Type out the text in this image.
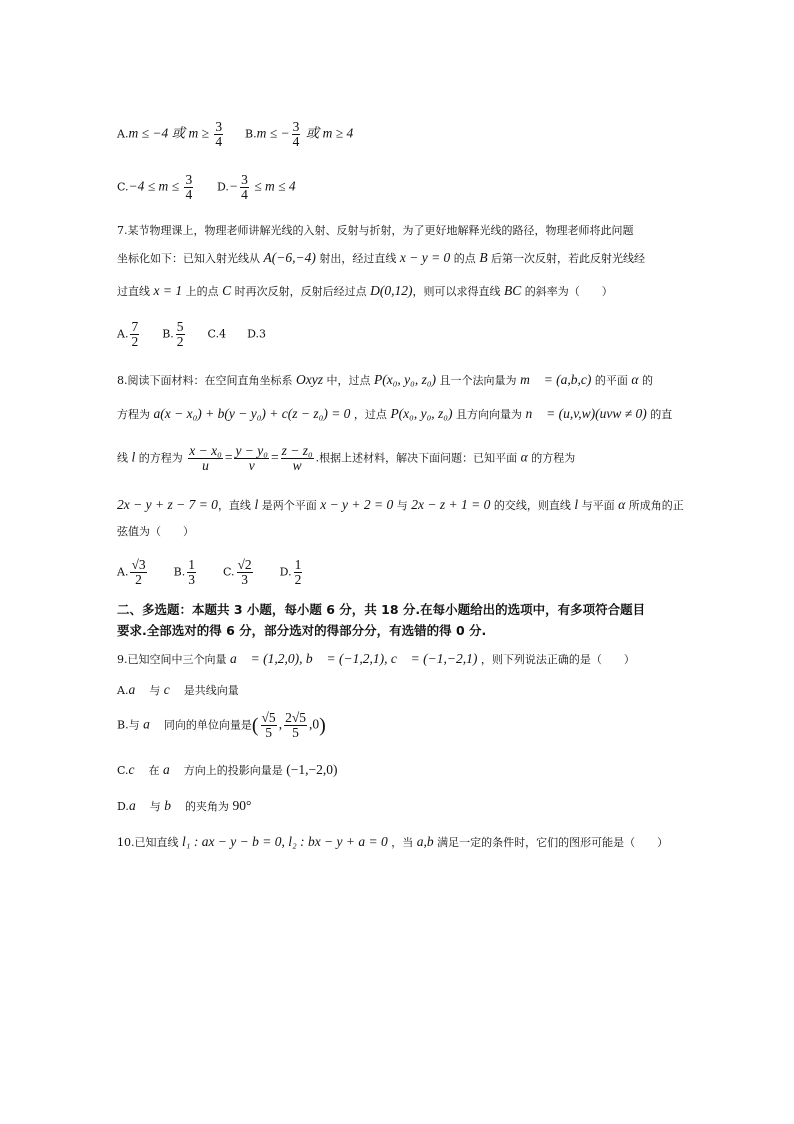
A.m ≤ −4 或 $m \ge \frac{3}{4} B.m$ ≤ − $\frac{3}{4}$ 或 m ≥ 4
$C.-4 \le m \le \frac{3}{4} D.- \frac{3}{4} \le m \le 4$
7.某节物理课上，物理老师讲解光线的入射、反射与折射，为了更好地解释光线的路径，物理老师将此问题
坐标化如下：已知入射光线从 A(−6,−4) 射出，经过直线 x − y = 0 的点 B 后第一次反射，若此反射光线经
过直线 x = 1 上的点 C 时再次反射，反射后经过点 D(0,12)，则可以求得直线 BC 的斜率为（　　）
A. $\frac{7}{2} B$. $\frac{5}{2} C.4$ D.3
8.阅读下面材料：在空间直角坐标系 Oxyz 中，过点 P(x₀, y₀, z₀) 且一个法向量为 m⃗ = (a,b,c) 的平面 α 的
方程为 a(x − x₀) + b(y − y₀) + c(z − z₀) = 0 ，过点 P(x₀, y₀, z₀) 且方向向量为 n⃗ = (u,v,w)(uvw ≠ 0) 的直
线 l 的方程为 $\frac{\text{x − x₀}}{u} = \frac{\text{y − y₀}}{v} = \frac{\text{z − z₀}}{w}$ .根据上述材料，解决下面问题：已知平面 α 的方程为
2x − y + z − 7 = 0，直线 l 是两个平面 x − y + 2 = 0 与 2x − z + 1 = 0 的交线，则直线 l 与平面 α 所成角的正
弦值为（　　）
A. $\frac{√3}{2} B$. $\frac{1}{3} C$. $\frac{√2}{3} D$. $\frac{1}{2}$
二、多选题：本题共 3 小题，每小题 6 分，共 18 分.在每小题给出的选项中，有多项符合题目
要求.全部选对的得 6 分，部分选对的得部分分，有选错的得 0 分.
9.已知空间中三个向量 a⃗ = (1,2,0), b⃗ = (−1,2,1), c⃗ = (−1,−2,1) ，则下列说法正确的是（　　）
A.a⃗ 与 c⃗ 是共线向量
B.与 a⃗ 同向的单位向量是( $\frac{√5}{5}$ , $\frac{2√5}{5} ,0$)
C.c⃗ 在 a⃗ 方向上的投影向量是 (−1,−2,0)
D.a⃗ 与 b⃗ 的夹角为 90°
10.已知直线 l₁ : ax − y − b = 0, l₂ : bx − y + a = 0 ，当 a,b 满足一定的条件时，它们的图形可能是（　　）
